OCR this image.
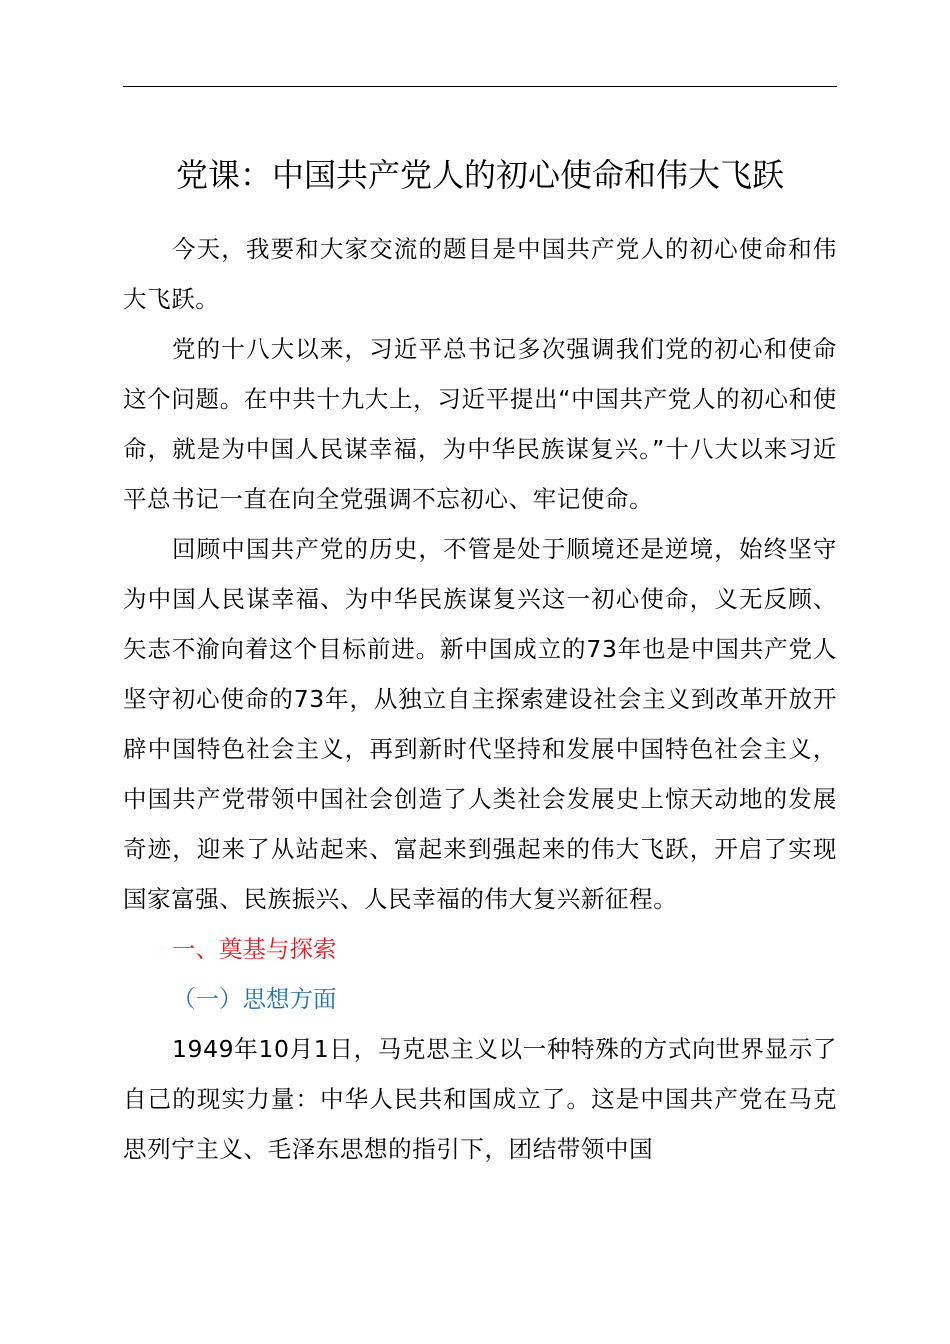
党课：中国共产党人的初心使命和伟大飞跃

今天，我要和大家交流的题目是中国共产党人的初心使命和伟大飞跃。

党的十八大以来，习近平总书记多次强调我们党的初心和使命这个问题。在中共十九大上，习近平提出“中国共产党人的初心和使命，就是为中国人民谋幸福，为中华民族谋复兴。”十八大以来习近平总书记一直在向全党强调不忘初心、牢记使命。

回顾中国共产党的历史，不管是处于顺境还是逆境，始终坚守为中国人民谋幸福、为中华民族谋复兴这一初心使命，义无反顾、矢志不渝向着这个目标前进。新中国成立的73年也是中国共产党人坚守初心使命的73年，从独立自主探索建设社会主义到改革开放开辟中国特色社会主义，再到新时代坚持和发展中国特色社会主义，中国共产党带领中国社会创造了人类社会发展史上惊天动地的发展奇迹，迎来了从站起来、富起来到强起来的伟大飞跃，开启了实现国家富强、民族振兴、人民幸福的伟大复兴新征程。

一、奠基与探索

（一）思想方面

1949年10月1日，马克思主义以一种特殊的方式向世界显示了自己的现实力量：中华人民共和国成立了。这是中国共产党在马克思列宁主义、毛泽东思想的指引下，团结带领中国
